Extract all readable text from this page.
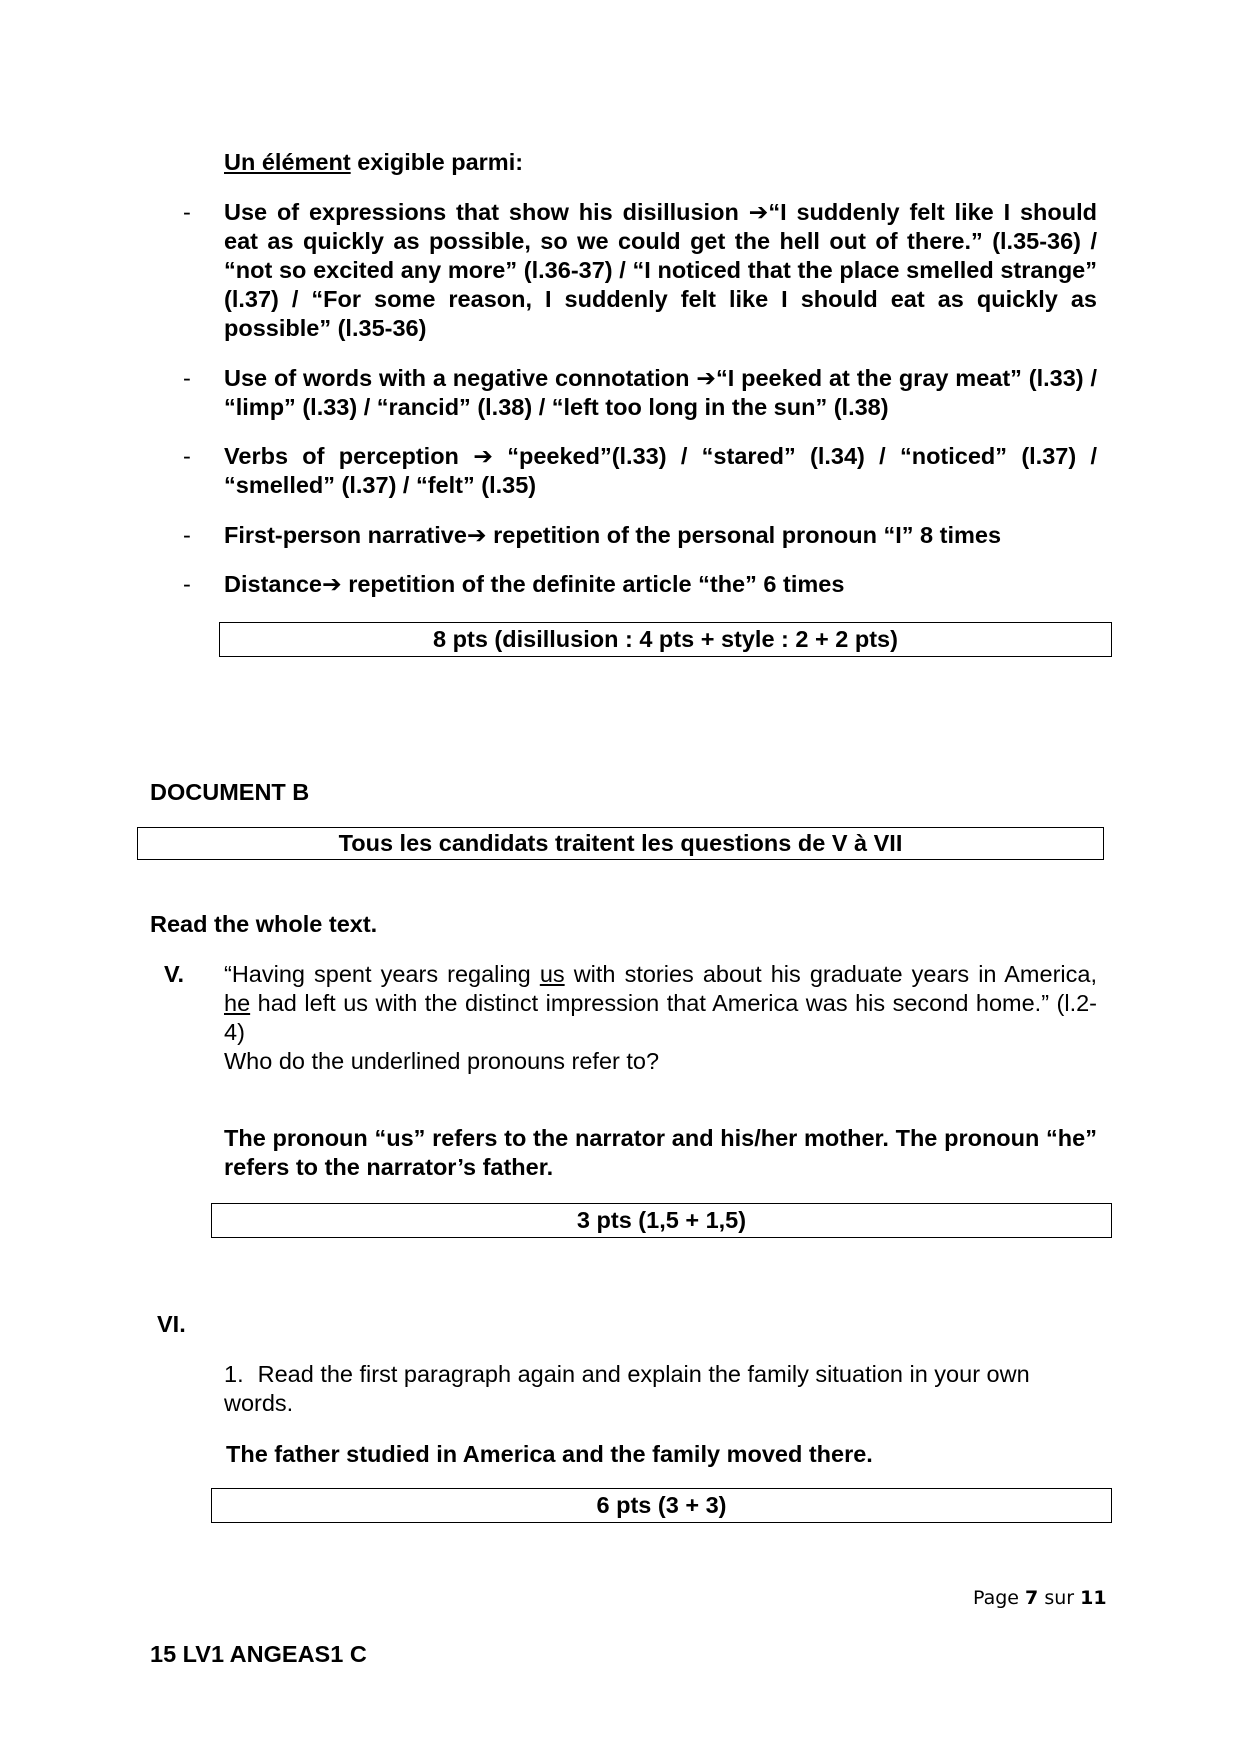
Un élément exigible parmi:
- Use of expressions that show his disillusion ➔“I suddenly felt like I should eat as quickly as possible, so we could get the hell out of there.” (l.35-36) / “not so excited any more” (l.36-37) / “I noticed that the place smelled strange” (l.37) / “For some reason, I suddenly felt like I should eat as quickly as possible” (l.35-36)
- Use of words with a negative connotation ➔“I peeked at the gray meat” (l.33) / “limp” (l.33) / “rancid” (l.38) / “left too long in the sun” (l.38)
- Verbs of perception ➔ “peeked”(l.33) / “stared” (l.34) / “noticed” (l.37) / “smelled” (l.37) / “felt” (l.35)
- First-person narrative➔ repetition of the personal pronoun “I” 8 times
- Distance➔ repetition of the definite article “the” 6 times
8 pts (disillusion : 4 pts + style : 2 + 2 pts)
DOCUMENT B
Tous les candidats traitent les questions de V à VII
Read the whole text.
V. “Having spent years regaling us with stories about his graduate years in America, he had left us with the distinct impression that America was his second home.” (l.2-4)
Who do the underlined pronouns refer to?
The pronoun “us” refers to the narrator and his/her mother. The pronoun “he” refers to the narrator’s father.
3 pts (1,5 + 1,5)
VI.
1. Read the first paragraph again and explain the family situation in your own words.
The father studied in America and the family moved there.
6 pts (3 + 3)
Page 7 sur 11
15 LV1 ANGEAS1 C
